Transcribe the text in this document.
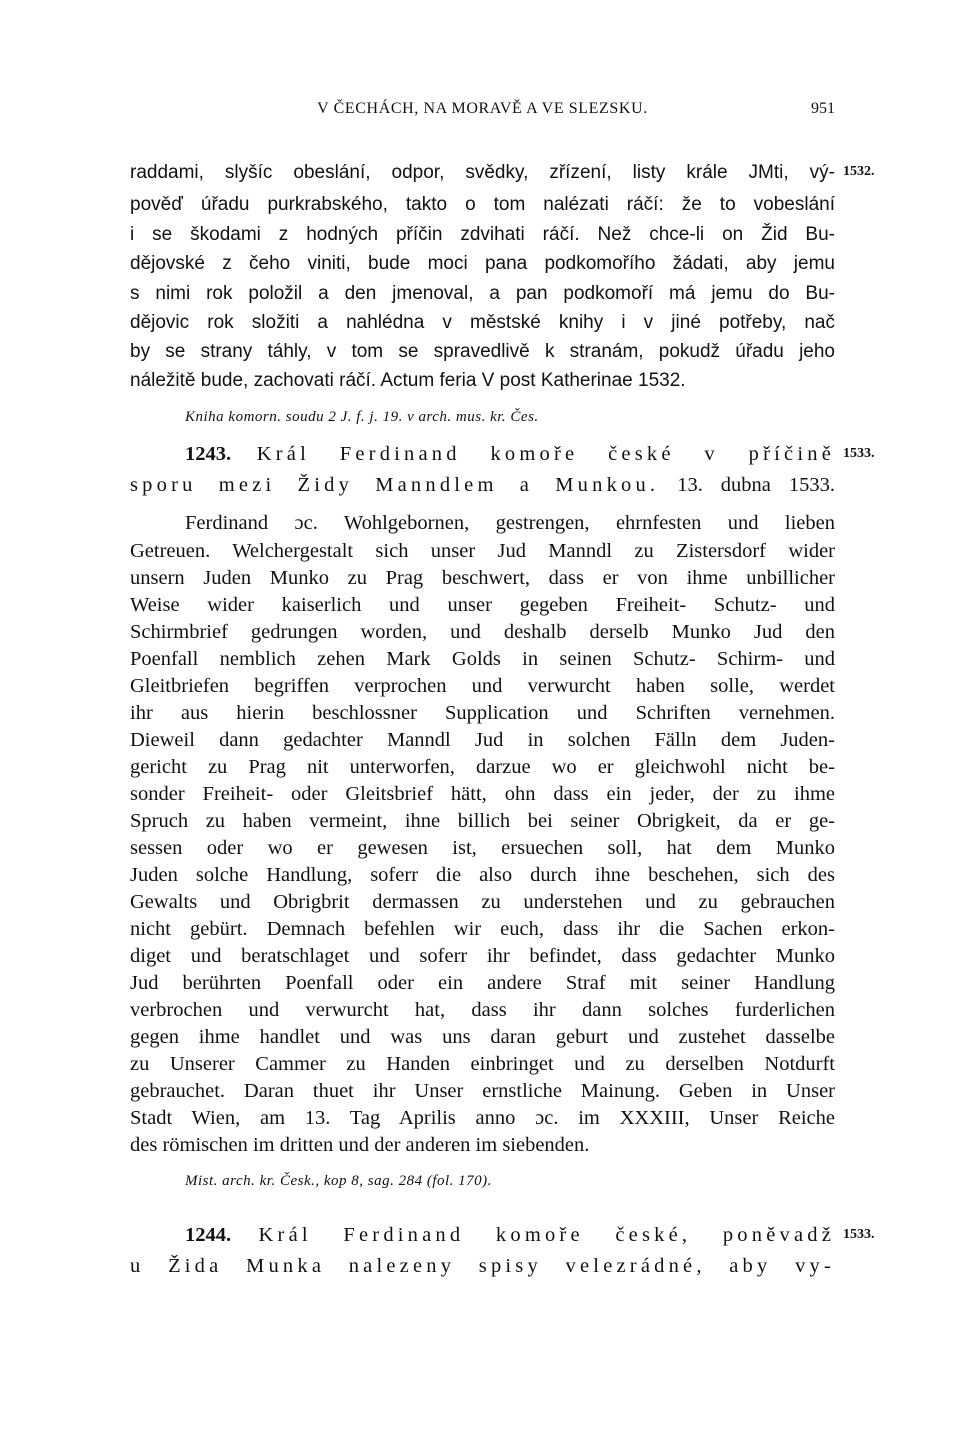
V ČECHÁCH, NA MORAVĚ A VE SLEZSKU.	951
raddami, slyšíc obeslání, odpor, svědky, zřízení, listy krále JMti, vý- 1532.
pověď úřadu purkrabského, takto o tom nalézati ráčí: že to vobeslání
i se škodami z hodných příčin zdvihati ráčí. Než chce-li on Žid Bu-
dějovské z čeho viniti, bude moci pana podkomořího žádati, aby jemu
s nimi rok položil a den jmenoval, a pan podkomoří má jemu do Bu-
dějovic rok složiti a nahlédna v městské knihy i v jiné potřeby, nač
by se strany táhly, v tom se spravedlivě k stranám, pokudž úřadu jeho
náležitě bude, zachovati ráčí. Actum feria V post Katherinae 1532.
Kniha komorn. soudu 2 J. f. j. 19. v arch. mus. kr. Čes.
1243. Král Ferdinand komoře české v příčině 1533.
sporu mezi Židy Manndlem a Munkou. 13. dubna 1533.
Ferdinand ɔc. Wohlgebornen, gestrengen, ehrnfesten und lieben
Getreuen. Welchergestalt sich unser Jud Manndl zu Zistersdorf wider
unsern Juden Munko zu Prag beschwert, dass er von ihme unbillicher
Weise wider kaiserlich und unser gegeben Freiheit- Schutz- und
Schirmbrief gedrungen worden, und deshalb derselb Munko Jud den
Poenfall nemblich zehen Mark Golds in seinen Schutz- Schirm- und
Gleitbriefen begriffen verprochen und verwurcht haben solle, werdet
ihr aus hierin beschlossner Supplication und Schriften vernehmen.
Dieweil dann gedachter Manndl Jud in solchen Fälln dem Juden-
gericht zu Prag nit unterworfen, darzue wo er gleichwohl nicht be-
sonder Freiheit- oder Gleitsbrief hätt, ohn dass ein jeder, der zu ihme
Spruch zu haben vermeint, ihne billich bei seiner Obrigkeit, da er ge-
sessen oder wo er gewesen ist, ersuechen soll, hat dem Munko
Juden solche Handlung, soferr die also durch ihne beschehen, sich des
Gewalts und Obrigbrit dermassen zu understehen und zu gebrauchen
nicht gebürt. Demnach befehlen wir euch, dass ihr die Sachen erkon-
diget und beratschlaget und soferr ihr befindet, dass gedachter Munko
Jud berührten Poenfall oder ein andere Straf mit seiner Handlung
verbrochen und verwurcht hat, dass ihr dann solches furderlichen
gegen ihme handlet und was uns daran geburt und zustehet dasselbe
zu Unserer Cammer zu Handen einbringet und zu derselben Notdurft
gebrauchet. Daran thuet ihr Unser ernstliche Mainung. Geben in Unser
Stadt Wien, am 13. Tag Aprilis anno ɔc. im XXXIII, Unser Reiche
des römischen im dritten und der anderen im siebenden.
Mist. arch. kr. Česk., kop 8, sag. 284 (fol. 170).
1244. Král Ferdinand komoře české, poněvadž 1533.
u Žida Munka nalezeny spisy velezrádné, aby vy-
